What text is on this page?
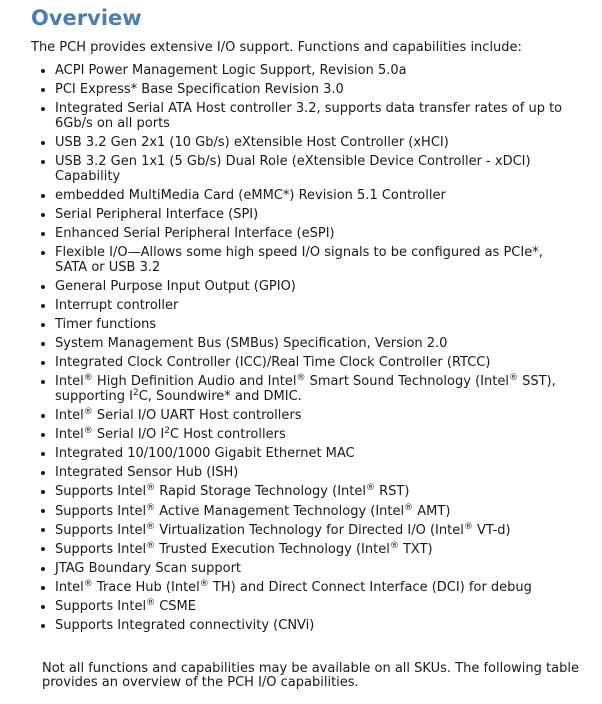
Overview

The PCH provides extensive I/O support. Functions and capabilities include:

ACPI Power Management Logic Support, Revision 5.0a
PCI Express* Base Specification Revision 3.0
Integrated Serial ATA Host controller 3.2, supports data transfer rates of up to 6Gb/s on all ports
USB 3.2 Gen 2x1 (10 Gb/s) eXtensible Host Controller (xHCI)
USB 3.2 Gen 1x1 (5 Gb/s) Dual Role (eXtensible Device Controller - xDCI) Capability
embedded MultiMedia Card (eMMC*) Revision 5.1 Controller
Serial Peripheral Interface (SPI)
Enhanced Serial Peripheral Interface (eSPI)
Flexible I/O—Allows some high speed I/O signals to be configured as PCIe*, SATA or USB 3.2
General Purpose Input Output (GPIO)
Interrupt controller
Timer functions
System Management Bus (SMBus) Specification, Version 2.0
Integrated Clock Controller (ICC)/Real Time Clock Controller (RTCC)
Intel® High Definition Audio and Intel® Smart Sound Technology (Intel® SST), supporting $I^2C$, Soundwire* and DMIC.
Intel® Serial I/O UART Host controllers
Intel® Serial I/O $I^2C$ Host controllers
Integrated 10/100/1000 Gigabit Ethernet MAC
Integrated Sensor Hub (ISH)
Supports Intel® Rapid Storage Technology (Intel® RST)
Supports Intel® Active Management Technology (Intel® AMT)
Supports Intel® Virtualization Technology for Directed I/O (Intel® VT-d)
Supports Intel® Trusted Execution Technology (Intel® TXT)
JTAG Boundary Scan support
Intel® Trace Hub (Intel® TH) and Direct Connect Interface (DCI) for debug
Supports Intel® CSME
Supports Integrated connectivity (CNVi)

Not all functions and capabilities may be available on all SKUs. The following table provides an overview of the PCH I/O capabilities.
